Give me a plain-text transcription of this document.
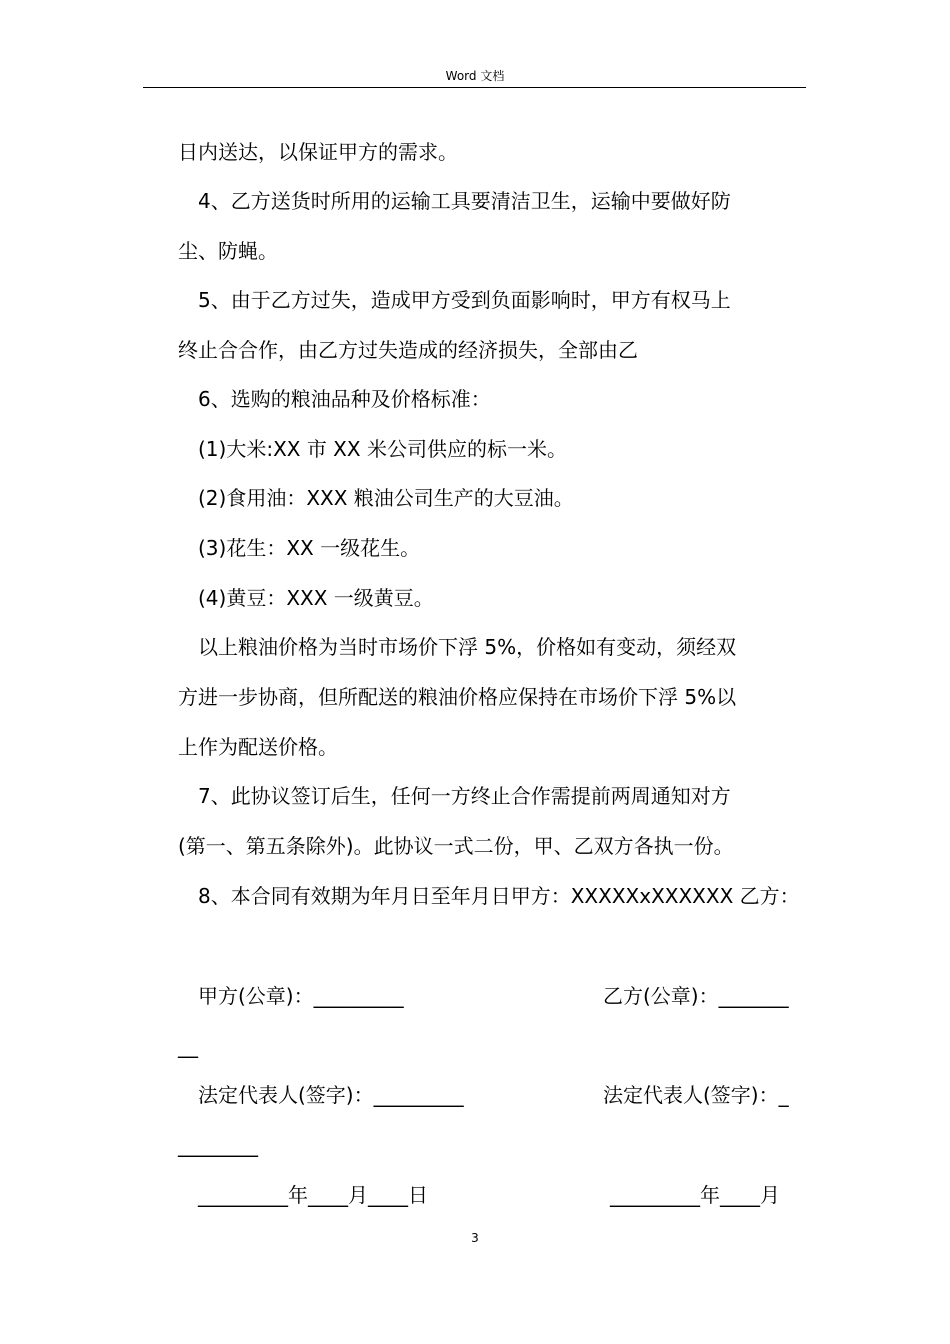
Word 文档
日内送达，以保证甲方的需求。
4、乙方送货时所用的运输工具要清洁卫生，运输中要做好防
尘、防蝇。
5、由于乙方过失，造成甲方受到负面影响时，甲方有权马上
终止合合作，由乙方过失造成的经济损失，全部由乙
6、选购的粮油品种及价格标准：
(1)大米:XX 市 XX 米公司供应的标一米。
(2)食用油：XXX 粮油公司生产的大豆油。
(3)花生：XX 一级花生。
(4)黄豆：XXX 一级黄豆。
以上粮油价格为当时市场价下浮 5%，价格如有变动，须经双
方进一步协商，但所配送的粮油价格应保持在市场价下浮 5%以
上作为配送价格。
7、此协议签订后生，任何一方终止合作需提前两周通知对方
(第一、第五条除外)。此协议一式二份，甲、乙双方各执一份。
8、本合同有效期为年月日至年月日甲方：XXXXXxXXXXXX 乙方：
甲方(公章)：_________	乙方(公章)：_______
__
法定代表人(签字)：_________	法定代表人(签字)：_
________
_________年____月____日	_________年____月
3
